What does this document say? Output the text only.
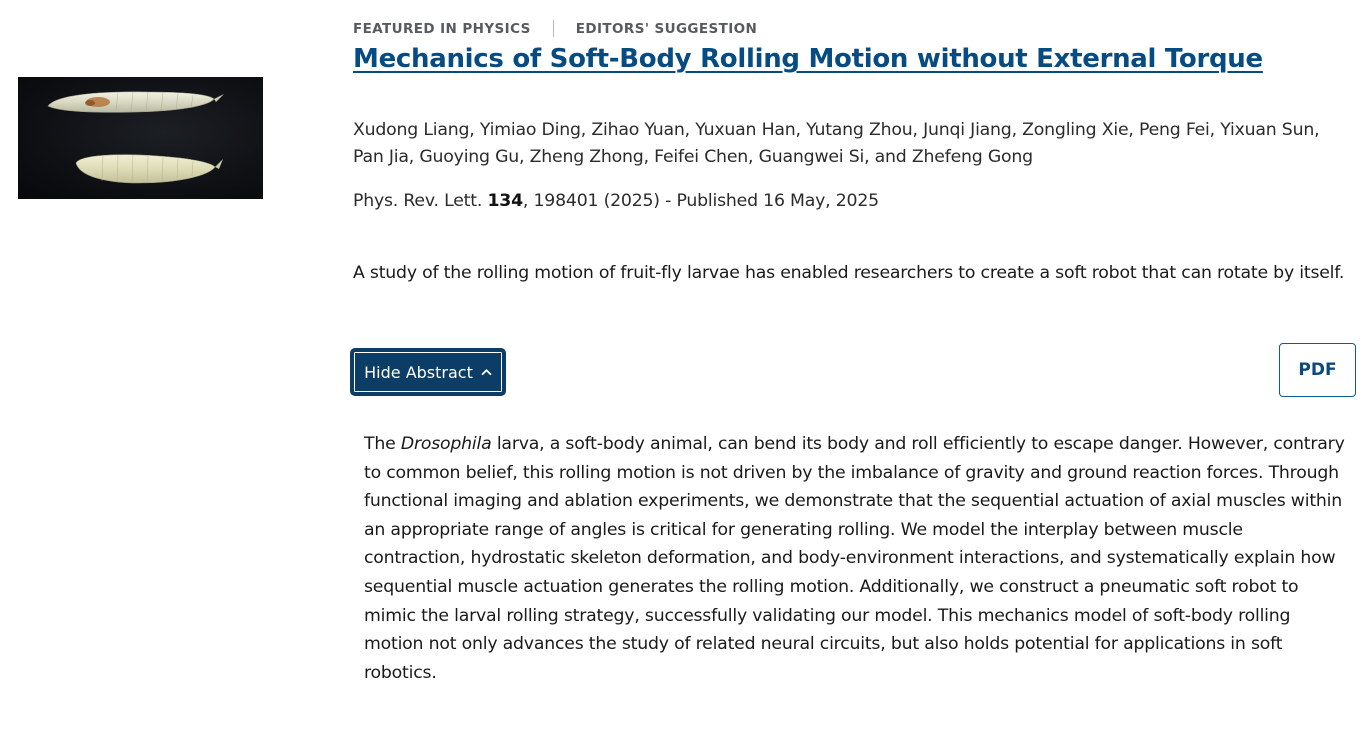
FEATURED IN PHYSICS	EDITORS' SUGGESTION
Mechanics of Soft-Body Rolling Motion without External Torque
Xudong Liang, Yimiao Ding, Zihao Yuan, Yuxuan Han, Yutang Zhou, Junqi Jiang, Zongling Xie, Peng Fei, Yixuan Sun, Pan Jia, Guoying Gu, Zheng Zhong, Feifei Chen, Guangwei Si, and Zhefeng Gong
Phys. Rev. Lett. 134, 198401 (2025) - Published 16 May, 2025
A study of the rolling motion of fruit-fly larvae has enabled researchers to create a soft robot that can rotate by itself.
Hide Abstract	PDF
The Drosophila larva, a soft-body animal, can bend its body and roll efficiently to escape danger. However, contrary to common belief, this rolling motion is not driven by the imbalance of gravity and ground reaction forces. Through functional imaging and ablation experiments, we demonstrate that the sequential actuation of axial muscles within an appropriate range of angles is critical for generating rolling. We model the interplay between muscle contraction, hydrostatic skeleton deformation, and body-environment interactions, and systematically explain how sequential muscle actuation generates the rolling motion. Additionally, we construct a pneumatic soft robot to mimic the larval rolling strategy, successfully validating our model. This mechanics model of soft-body rolling motion not only advances the study of related neural circuits, but also holds potential for applications in soft robotics.
